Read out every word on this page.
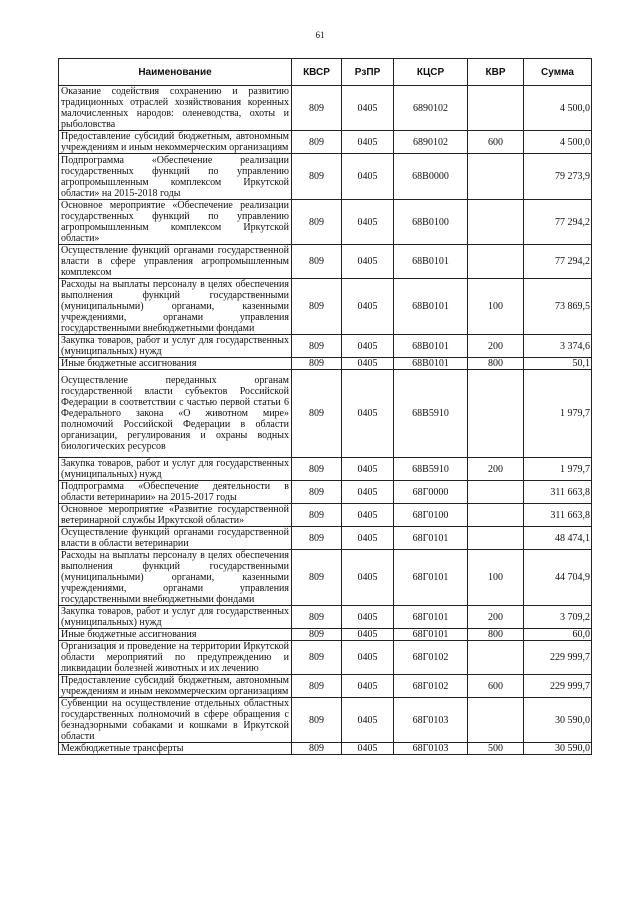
61
Наименование	КВСР	РзПР	КЦСР	КВР	Сумма
Оказание содействия сохранению и развитию традиционных отраслей хозяйствования коренных малочисленных народов: оленеводства, охоты и рыболовства	809	0405	6890102		4 500,0
Предоставление субсидий бюджетным, автономным учреждениям и иным некоммерческим организациям	809	0405	6890102	600	4 500,0
Подпрограмма «Обеспечение реализации государственных функций по управлению агропромышленным комплексом Иркутской области» на 2015-2018 годы	809	0405	68В0000		79 273,9
Основное мероприятие «Обеспечение реализации государственных функций по управлению агропромышленным комплексом Иркутской области»	809	0405	68В0100		77 294,2
Осуществление функций органами государственной власти в сфере управления агропромышленным комплексом	809	0405	68В0101		77 294,2
Расходы на выплаты персоналу в целях обеспечения выполнения функций государственными (муниципальными) органами, казенными учреждениями, органами управления государственными внебюджетными фондами	809	0405	68В0101	100	73 869,5
Закупка товаров, работ и услуг для государственных (муниципальных) нужд	809	0405	68В0101	200	3 374,6
Иные бюджетные ассигнования	809	0405	68В0101	800	50,1
Осуществление переданных органам государственной власти субъектов Российской Федерации в соответствии с частью первой статьи 6 Федерального закона «О животном мире» полномочий Российской Федерации в области организации, регулирования и охраны водных биологических ресурсов	809	0405	68В5910		1 979,7
Закупка товаров, работ и услуг для государственных (муниципальных) нужд	809	0405	68В5910	200	1 979,7
Подпрограмма «Обеспечение деятельности в области ветеринарии» на 2015-2017 годы	809	0405	68Г0000		311 663,8
Основное мероприятие «Развитие государственной ветеринарной службы Иркутской области»	809	0405	68Г0100		311 663,8
Осуществление функций органами государственной власти в области ветеринарии	809	0405	68Г0101		48 474,1
Расходы на выплаты персоналу в целях обеспечения выполнения функций государственными (муниципальными) органами, казенными учреждениями, органами управления государственными внебюджетными фондами	809	0405	68Г0101	100	44 704,9
Закупка товаров, работ и услуг для государственных (муниципальных) нужд	809	0405	68Г0101	200	3 709,2
Иные бюджетные ассигнования	809	0405	68Г0101	800	60,0
Организация и проведение на территории Иркутской области мероприятий по предупреждению и ликвидации болезней животных и их лечению	809	0405	68Г0102		229 999,7
Предоставление субсидий бюджетным, автономным учреждениям и иным некоммерческим организациям	809	0405	68Г0102	600	229 999,7
Субвенции на осуществление отдельных областных государственных полномочий в сфере обращения с безнадзорными собаками и кошками в Иркутской области	809	0405	68Г0103		30 590,0
Межбюджетные трансферты	809	0405	68Г0103	500	30 590,0
